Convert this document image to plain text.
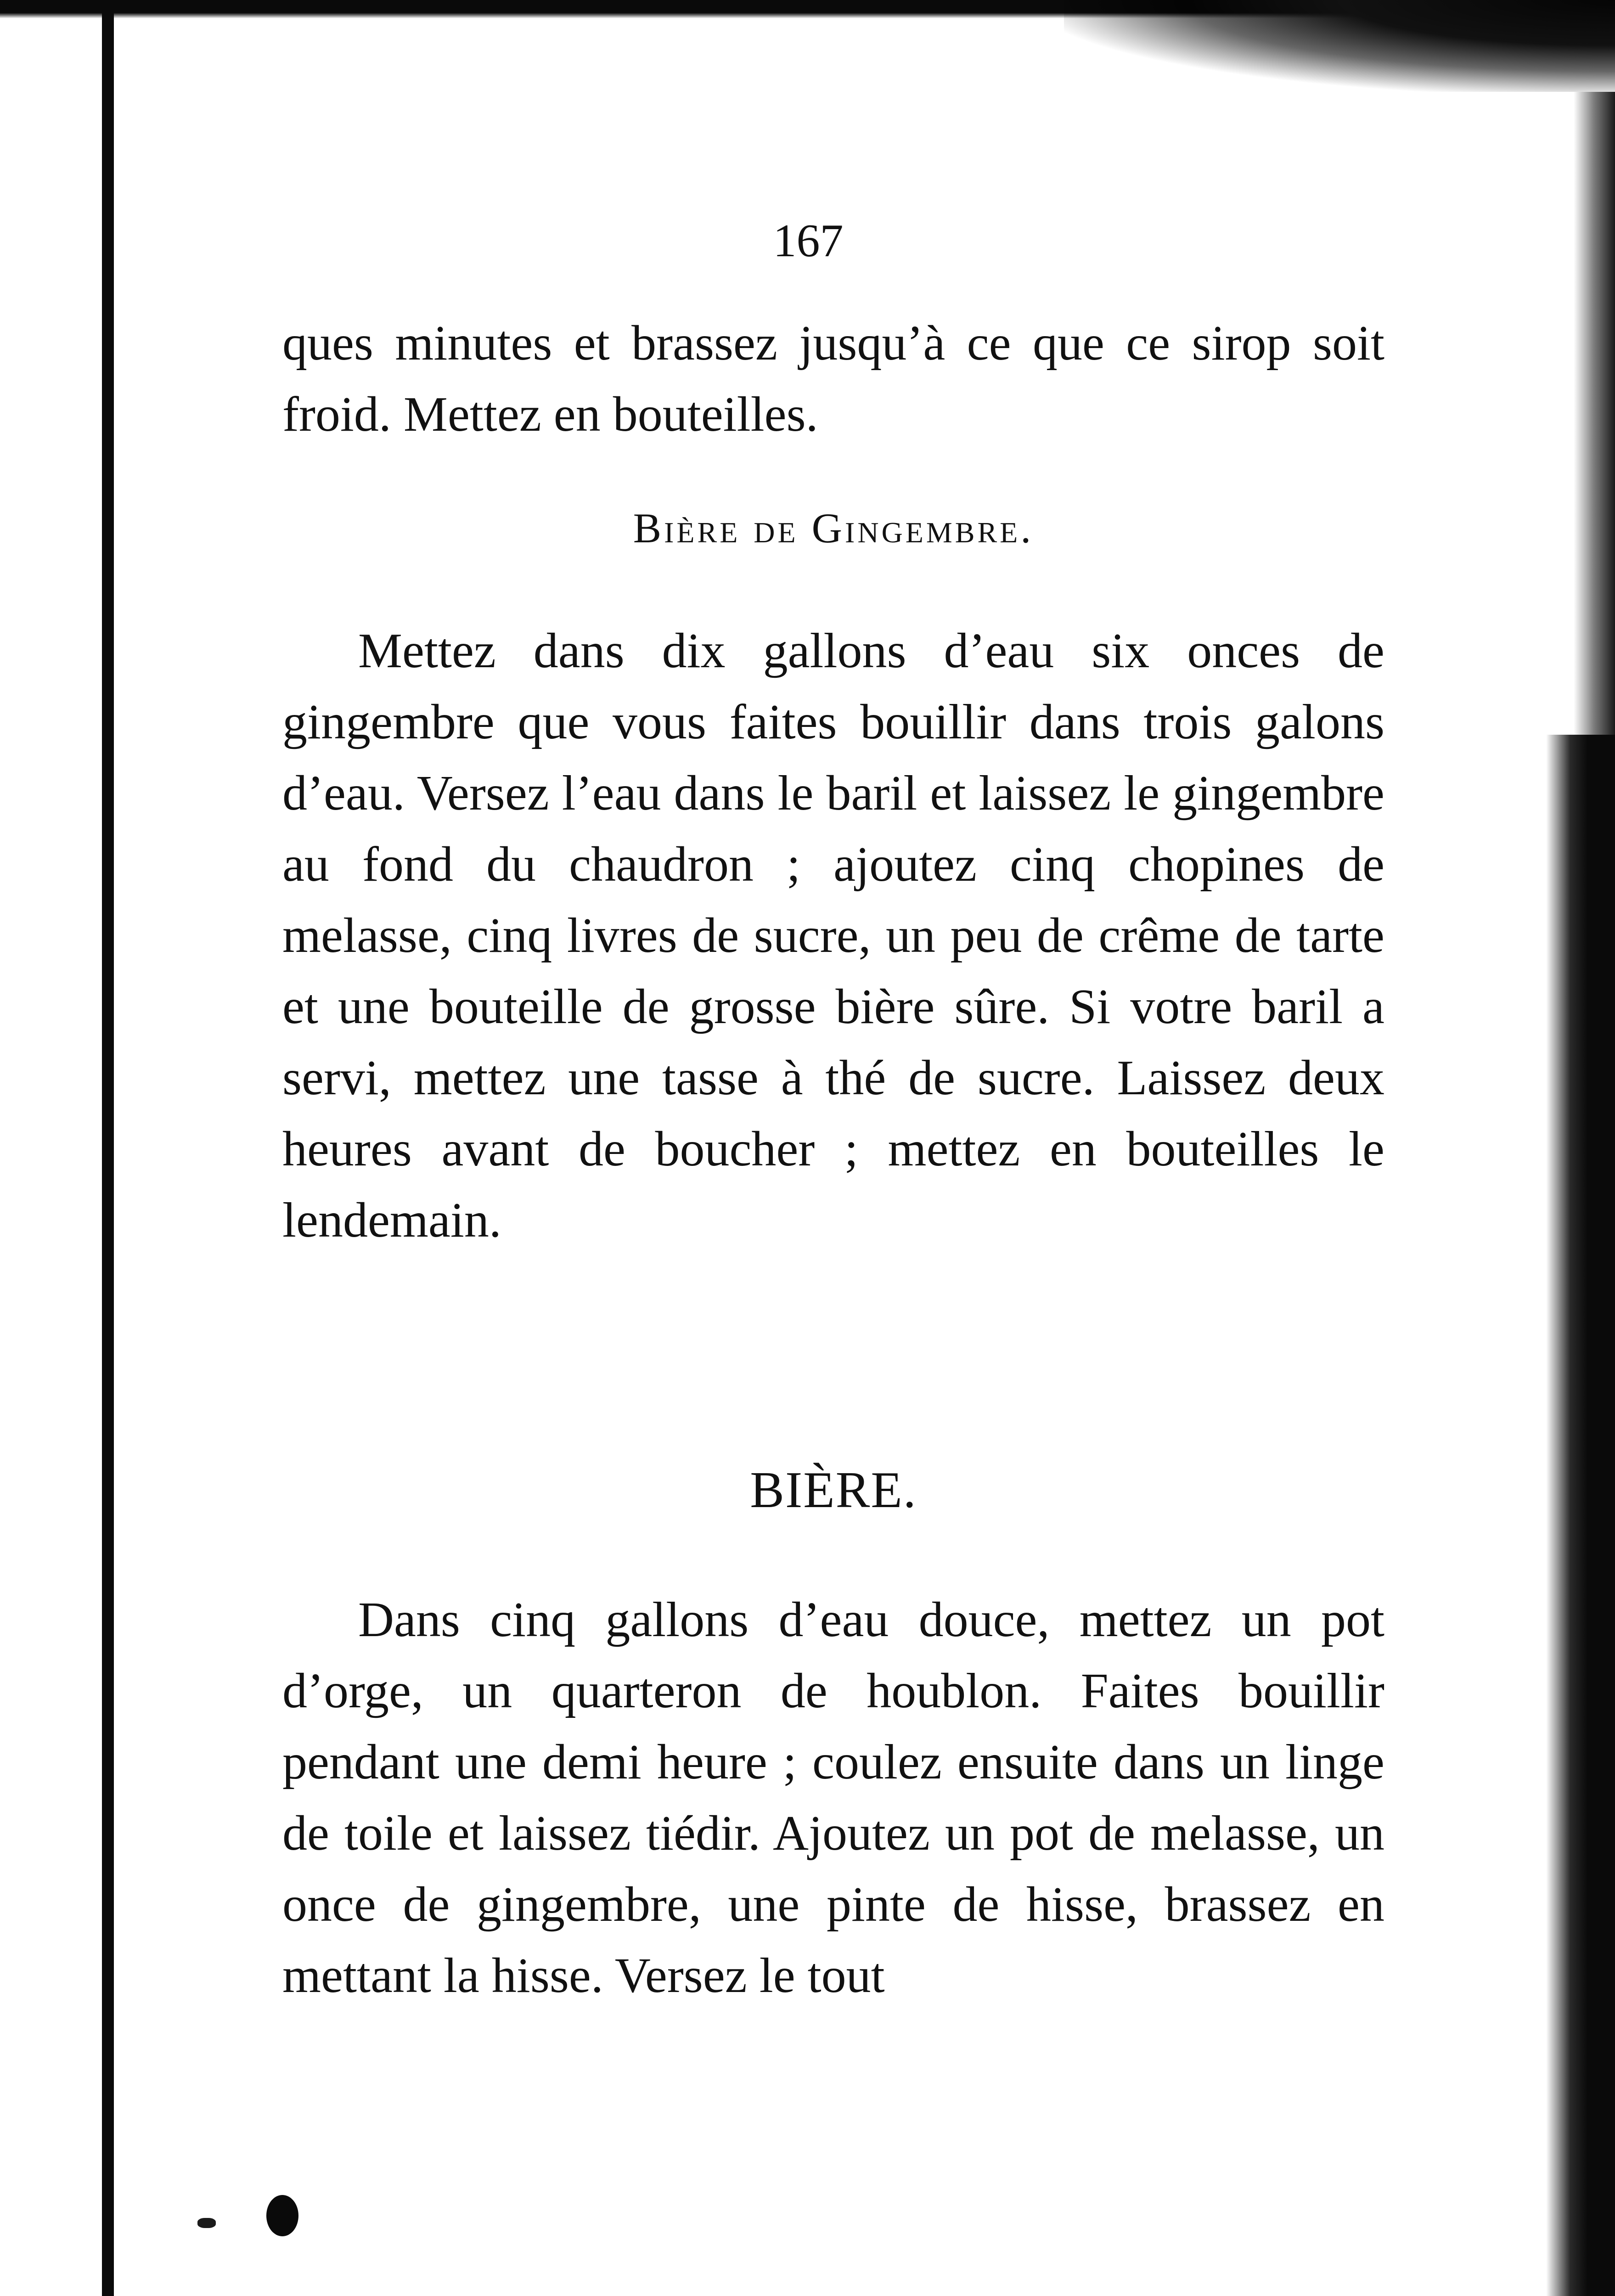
167

ques minutes et brassez jusqu’à ce que ce sirop soit froid. Mettez en bouteilles.

Bière de Gingembre.

Mettez dans dix gallons d’eau six onces de gingembre que vous faites bouillir dans trois galons d’eau. Versez l’eau dans le baril et laissez le gingembre au fond du chaudron ; ajoutez cinq chopines de melasse, cinq livres de sucre, un peu de crême de tarte et une bouteille de grosse bière sûre. Si votre baril a servi, mettez une tasse à thé de sucre. Laissez deux heures avant de boucher ; mettez en bouteilles le lendemain.

BIÈRE.

Dans cinq gallons d’eau douce, mettez un pot d’orge, un quarteron de houblon. Faites bouillir pendant une demi heure ; coulez ensuite dans un linge de toile et laissez tiédir. Ajoutez un pot de melasse, un once de gingembre, une pinte de hisse, brassez en mettant la hisse. Versez le tout
